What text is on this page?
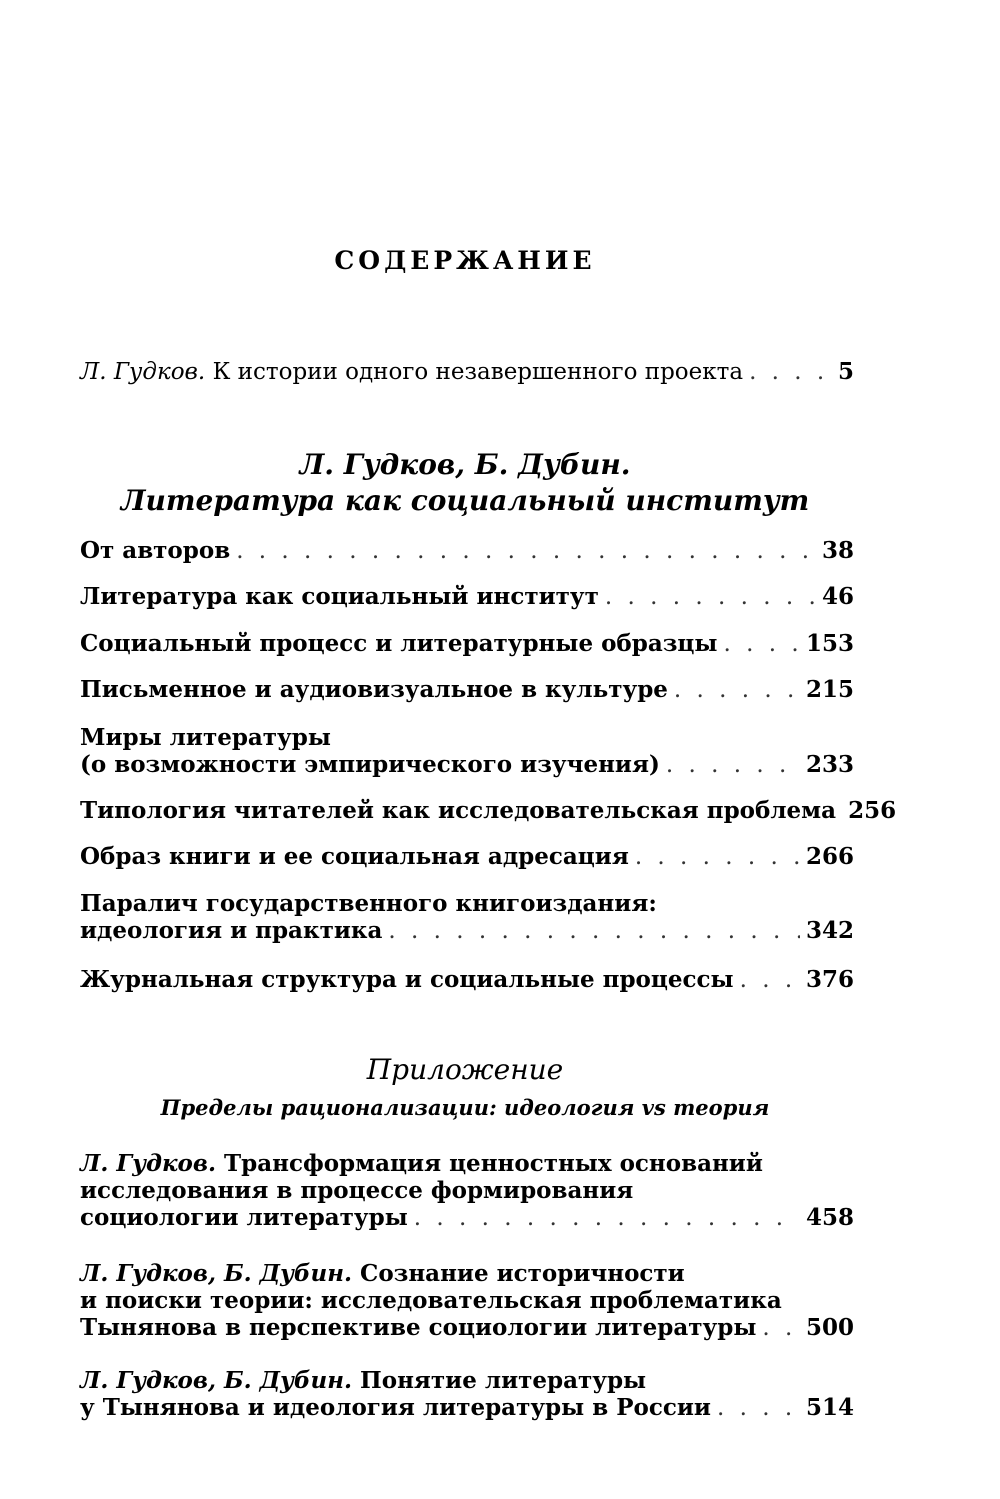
СОДЕРЖАНИЕ
Л. Гудков. К истории одного незавершенного проекта . . .	5
Л. Гудков, Б. Дубин.
Литература как социальный институт
От авторов . . .	38
Литература как социальный институт . . .	46
Социальный процесс и литературные образцы . . .	153
Письменное и аудиовизуальное в культуре . . .	215
Миры литературы
(о возможности эмпирического изучения) . . .	233
Типология читателей как исследовательская проблема 256
Образ книги и ее социальная адресация . . .	266
Паралич государственного книгоиздания:
идеология и практика . . .	342
Журнальная структура и социальные процессы . . .	376
Приложение
Пределы рационализации: идеология vs теория
Л. Гудков. Трансформация ценностных оснований
исследования в процессе формирования
социологии литературы . . .	458
Л. Гудков, Б. Дубин. Сознание историчности
и поиски теории: исследовательская проблематика
Тынянова в перспективе социологии литературы . . . 500
Л. Гудков, Б. Дубин. Понятие литературы
у Тынянова и идеология литературы в России . . .	514
